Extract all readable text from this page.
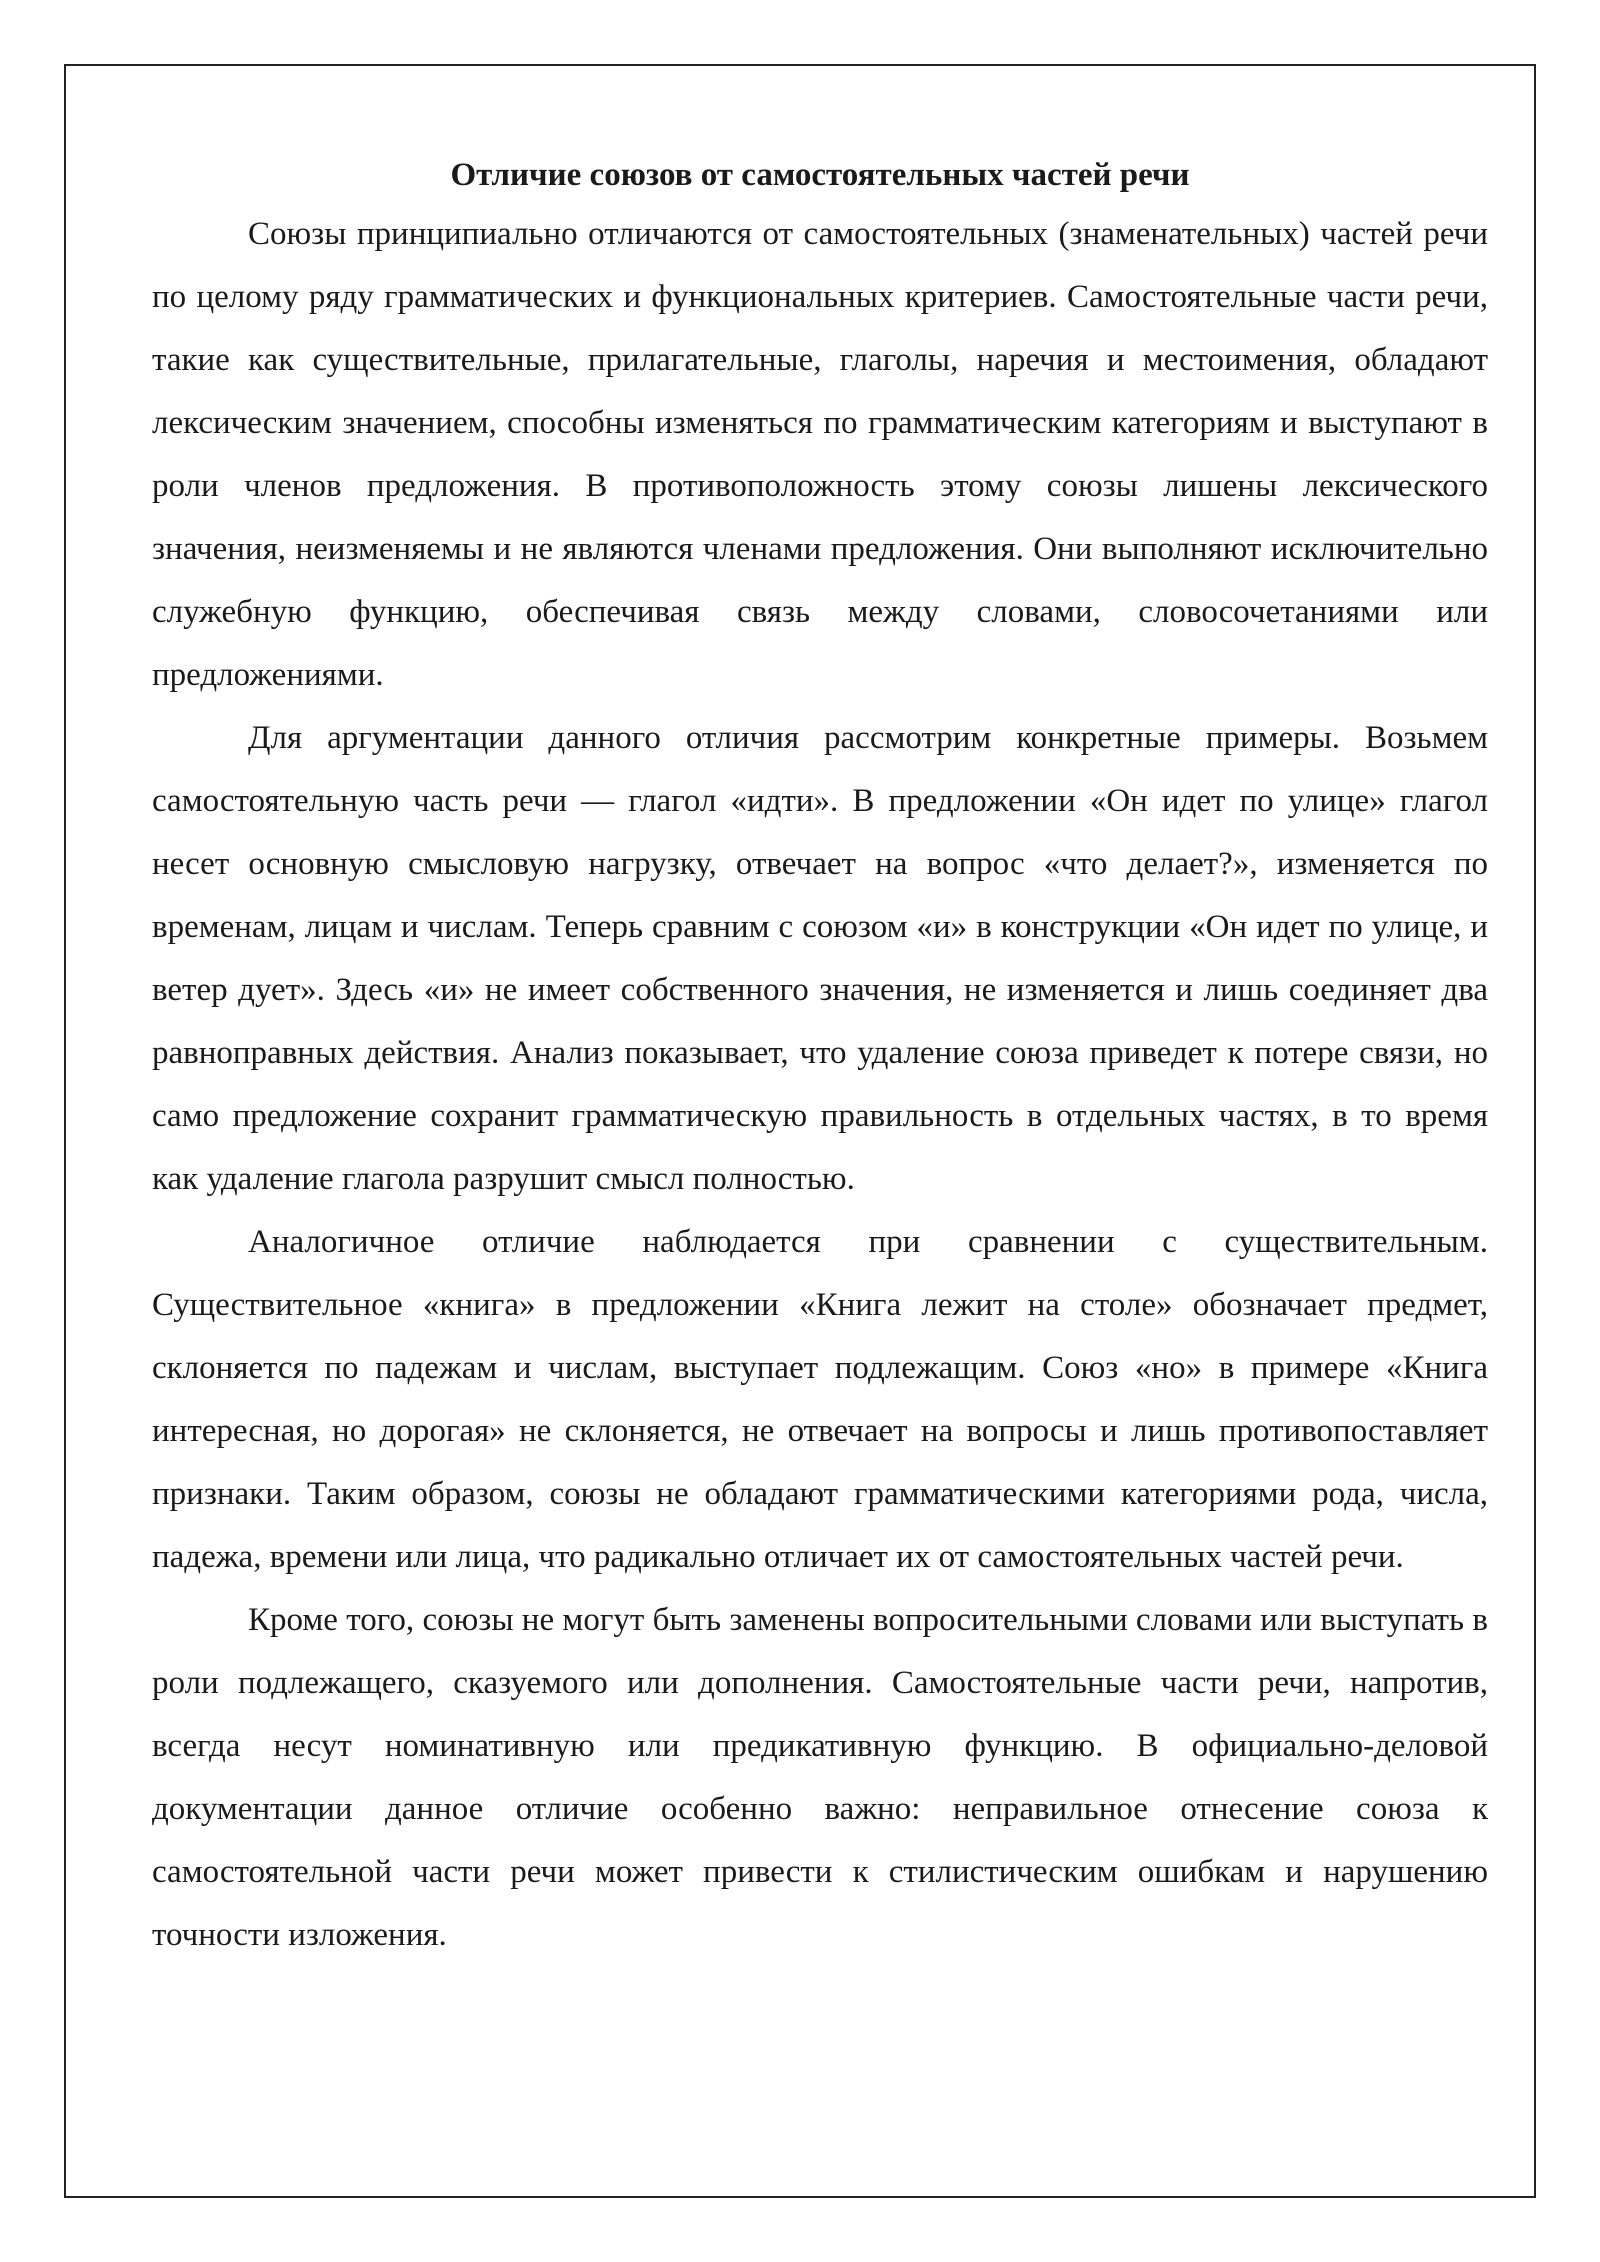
Отличие союзов от самостоятельных частей речи

Союзы принципиально отличаются от самостоятельных (знаменательных) частей речи по целому ряду грамматических и функциональных критериев. Самостоятельные части речи, такие как существительные, прилагательные, глаголы, наречия и местоимения, обладают лексическим значением, способны изменяться по грамматическим категориям и выступают в роли членов предложения. В противоположность этому союзы лишены лексического значения, неизменяемы и не являются членами предложения. Они выполняют исключительно служебную функцию, обеспечивая связь между словами, словосочетаниями или предложениями.

Для аргументации данного отличия рассмотрим конкретные примеры. Возьмем самостоятельную часть речи — глагол «идти». В предложении «Он идет по улице» глагол несет основную смысловую нагрузку, отвечает на вопрос «что делает?», изменяется по временам, лицам и числам. Теперь сравним с союзом «и» в конструкции «Он идет по улице, и ветер дует». Здесь «и» не имеет собственного значения, не изменяется и лишь соединяет два равноправных действия. Анализ показывает, что удаление союза приведет к потере связи, но само предложение сохранит грамматическую правильность в отдельных частях, в то время как удаление глагола разрушит смысл полностью.

Аналогичное отличие наблюдается при сравнении с существительным. Существительное «книга» в предложении «Книга лежит на столе» обозначает предмет, склоняется по падежам и числам, выступает подлежащим. Союз «но» в примере «Книга интересная, но дорогая» не склоняется, не отвечает на вопросы и лишь противопоставляет признаки. Таким образом, союзы не обладают грамматическими категориями рода, числа, падежа, времени или лица, что радикально отличает их от самостоятельных частей речи.

Кроме того, союзы не могут быть заменены вопросительными словами или выступать в роли подлежащего, сказуемого или дополнения. Самостоятельные части речи, напротив, всегда несут номинативную или предикативную функцию. В официально-деловой документации данное отличие особенно важно: неправильное отнесение союза к самостоятельной части речи может привести к стилистическим ошибкам и нарушению точности изложения.
